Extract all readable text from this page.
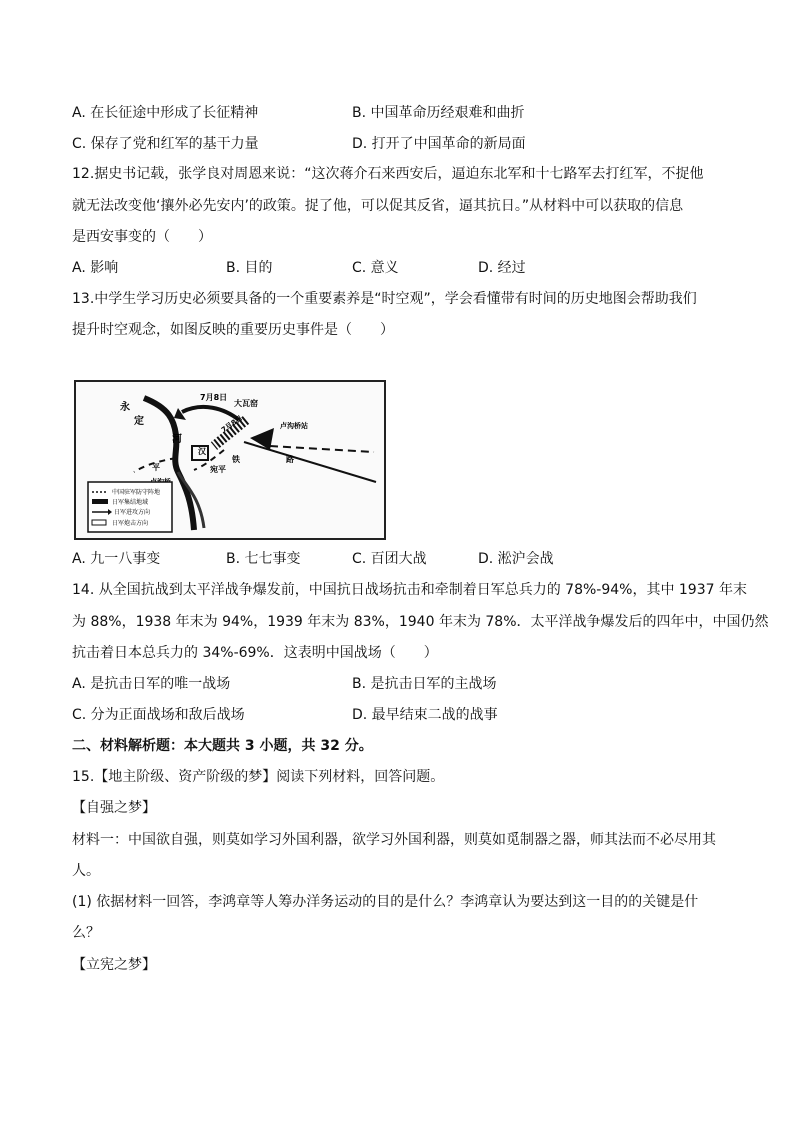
A. 在长征途中形成了长征精神	B. 中国革命历经艰难和曲折
C. 保存了党和红军的基干力量	D. 打开了中国革命的新局面
12.据史书记载，张学良对周恩来说：“这次蒋介石来西安后，逼迫东北军和十七路军去打红军，不捉他
就无法改变他‘攘外必先安内’的政策。捉了他，可以促其反省，逼其抗日。”从材料中可以获取的信息
是西安事变的（　　）
A. 影响	B. 目的	C. 意义	D. 经过
13.中学生学习历史必须要具备的一个重要素养是“时空观”，学会看懂带有时间的历史地图会帮助我们
提升时空观念，如图反映的重要历史事件是（　　）
永
定
河
7月8日
大瓦窑
卢沟桥站
7月8日
宛平
平
汉
铁	路
中国驻军防守阵地
日军集结地域
日军进攻方向
日军炮击方向
A. 九一八事变	B. 七七事变	C. 百团大战	D. 淞沪会战
14. 从全国抗战到太平洋战争爆发前，中国抗日战场抗击和牵制着日军总兵力的 78%-94%，其中 1937 年末
为 88%，1938 年末为 94%，1939 年末为 83%，1940 年末为 78%．太平洋战争爆发后的四年中，中国仍然
抗击着日本总兵力的 34%-69%．这表明中国战场（　　）
A. 是抗击日军的唯一战场	B. 是抗击日军的主战场
C. 分为正面战场和敌后战场	D. 最早结束二战的战事
二、材料解析题：本大题共 3 小题，共 32 分。
15.【地主阶级、资产阶级的梦】阅读下列材料，回答问题。
【自强之梦】
材料一：中国欲自强，则莫如学习外国利器，欲学习外国利器，则莫如觅制器之器，师其法而不必尽用其
人。
(1) 依据材料一回答，李鸿章等人筹办洋务运动的目的是什么？李鸿章认为要达到这一目的的关键是什
么？
【立宪之梦】
